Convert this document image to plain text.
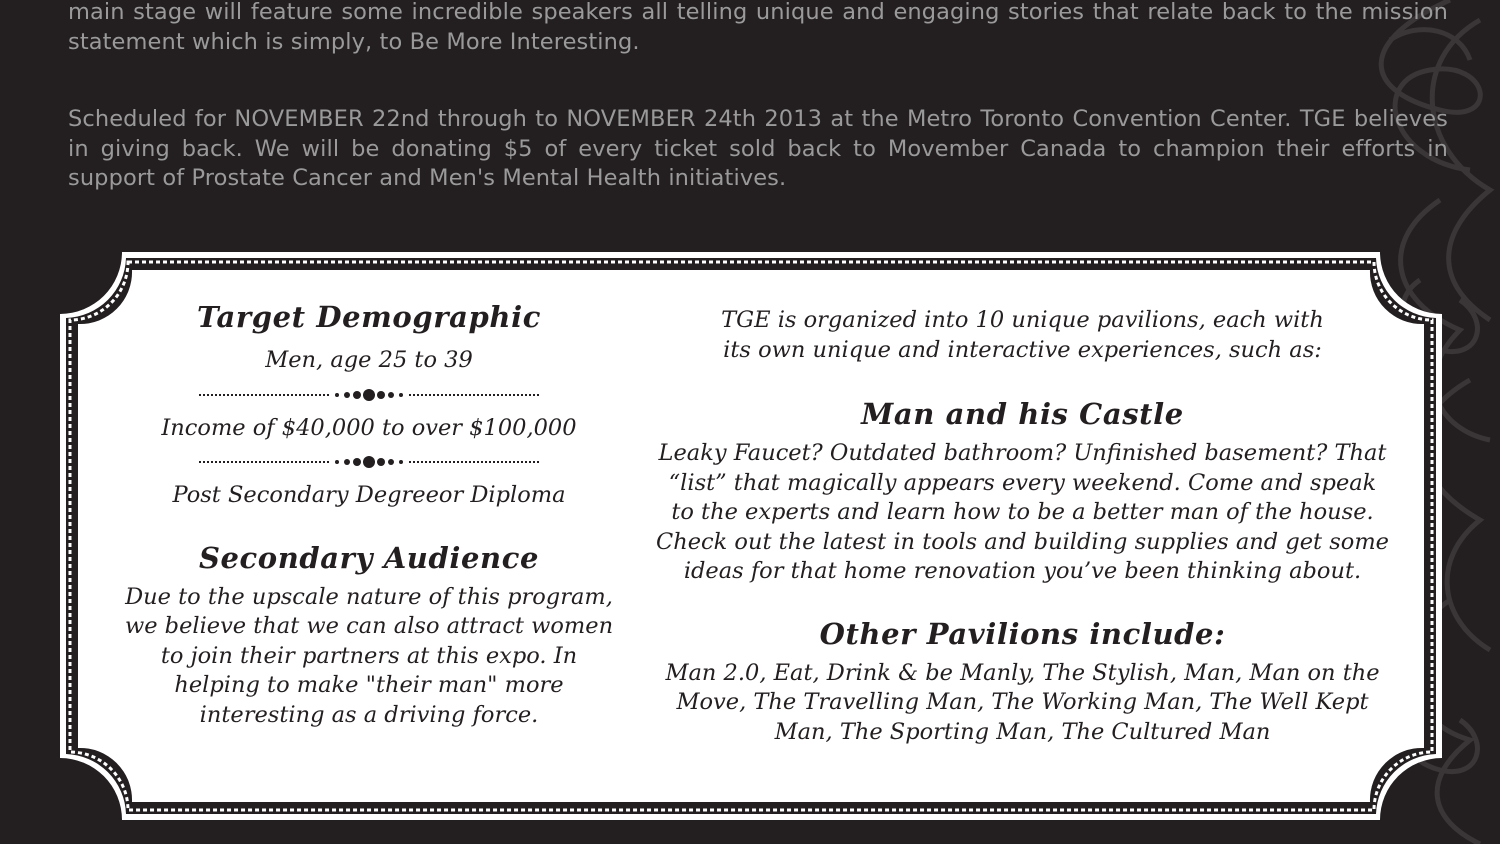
main stage will feature some incredible speakers all telling unique and engaging stories that relate back to the mission statement which is simply, to Be More Interesting.

Scheduled for NOVEMBER 22nd through to NOVEMBER 24th 2013 at the Metro Toronto Convention Center. TGE believes in giving back. We will be donating $5 of every ticket sold back to Movember Canada to champion their efforts in support of Prostate Cancer and Men's Mental Health initiatives.

Target Demographic

Men, age 25 to 39

Income of $40,000 to over $100,000

Post Secondary Degreeor Diploma

Secondary Audience

Due to the upscale nature of this program, we believe that we can also attract women to join their partners at this expo. In helping to make "their man" more interesting as a driving force.

TGE is organized into 10 unique pavilions, each with its own unique and interactive experiences, such as:

Man and his Castle

Leaky Faucet? Outdated bathroom? Unfinished basement? That “list” that magically appears every weekend. Come and speak to the experts and learn how to be a better man of the house. Check out the latest in tools and building supplies and get some ideas for that home renovation you’ve been thinking about.

Other Pavilions include:

Man 2.0, Eat, Drink & be Manly, The Stylish, Man, Man on the Move, The Travelling Man, The Working Man, The Well Kept Man, The Sporting Man, The Cultured Man
